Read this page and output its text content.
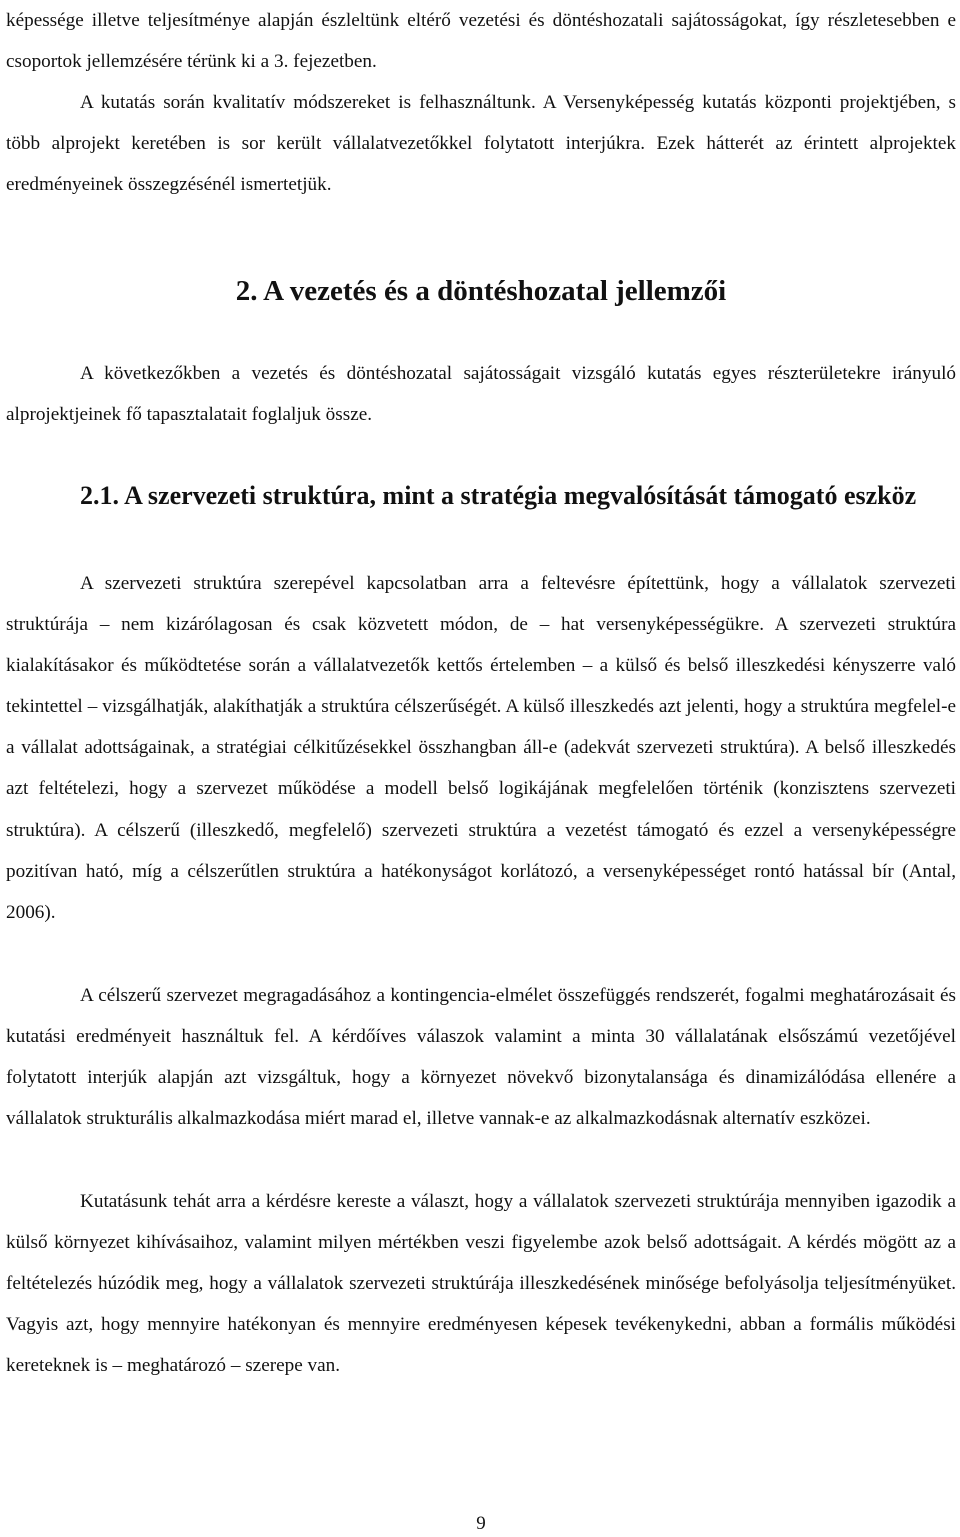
képessége illetve teljesítménye alapján észleltünk eltérő vezetési és döntéshozatali sajátosságokat, így részletesebben e csoportok jellemzésére térünk ki a 3. fejezetben.

A kutatás során kvalitatív módszereket is felhasználtunk. A Versenyképesség kutatás központi projektjében, s több alprojekt keretében is sor került vállalatvezetőkkel folytatott interjúkra. Ezek hátterét az érintett alprojektek eredményeinek összegzésénél ismertetjük.

2. A vezetés és a döntéshozatal jellemzői

A következőkben a vezetés és döntéshozatal sajátosságait vizsgáló kutatás egyes részterületekre irányuló alprojektjeinek fő tapasztalatait foglaljuk össze.

2.1. A szervezeti struktúra, mint a stratégia megvalósítását támogató eszköz

A szervezeti struktúra szerepével kapcsolatban arra a feltevésre építettünk, hogy a vállalatok szervezeti struktúrája – nem kizárólagosan és csak közvetett módon, de – hat versenyképességükre. A szervezeti struktúra kialakításakor és működtetése során a vállalatvezetők kettős értelemben – a külső és belső illeszkedési kényszerre való tekintettel – vizsgálhatják, alakíthatják a struktúra célszerűségét. A külső illeszkedés azt jelenti, hogy a struktúra megfelel-e a vállalat adottságainak, a stratégiai célkitűzésekkel összhangban áll-e (adekvát szervezeti struktúra). A belső illeszkedés azt feltételezi, hogy a szervezet működése a modell belső logikájának megfelelően történik (konzisztens szervezeti struktúra). A célszerű (illeszkedő, megfelelő) szervezeti struktúra a vezetést támogató és ezzel a versenyképességre pozitívan ható, míg a célszerűtlen struktúra a hatékonyságot korlátozó, a versenyképességet rontó hatással bír (Antal, 2006).

A célszerű szervezet megragadásához a kontingencia-elmélet összefüggés rendszerét, fogalmi meghatározásait és kutatási eredményeit használtuk fel. A kérdőíves válaszok valamint a minta 30 vállalatának elsőszámú vezetőjével folytatott interjúk alapján azt vizsgáltuk, hogy a környezet növekvő bizonytalansága és dinamizálódása ellenére a vállalatok strukturális alkalmazkodása miért marad el, illetve vannak-e az alkalmazkodásnak alternatív eszközei.

Kutatásunk tehát arra a kérdésre kereste a választ, hogy a vállalatok szervezeti struktúrája mennyiben igazodik a külső környezet kihívásaihoz, valamint milyen mértékben veszi figyelembe azok belső adottságait. A kérdés mögött az a feltételezés húzódik meg, hogy a vállalatok szervezeti struktúrája illeszkedésének minősége befolyásolja teljesítményüket. Vagyis azt, hogy mennyire hatékonyan és mennyire eredményesen képesek tevékenykedni, abban a formális működési kereteknek is – meghatározó – szerepe van.

9
